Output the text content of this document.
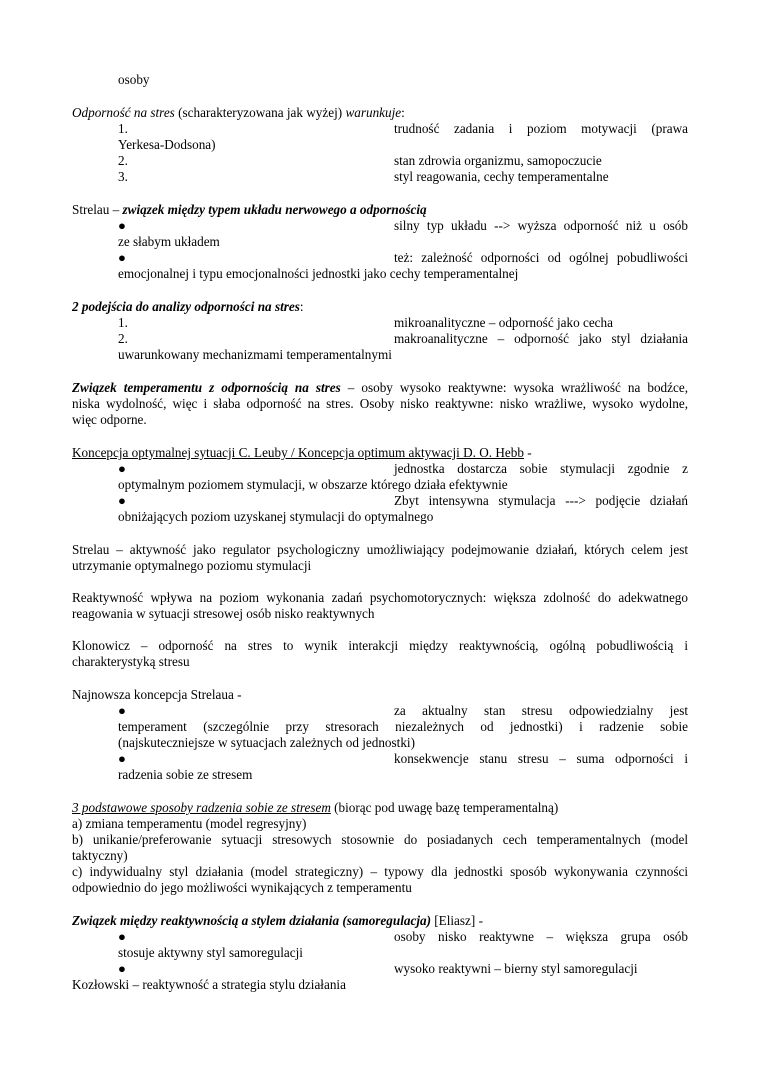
osoby
Odporność na stres (scharakteryzowana jak wyżej) warunkuje:
1.	trudność zadania i poziom motywacji (prawa
Yerkesa-Dodsona)
2.	stan zdrowia organizmu, samopoczucie
3.	styl reagowania, cechy temperamentalne
Strelau – związek między typem układu nerwowego a odpornością
●	silny typ układu --> wyższa odporność niż u osób
ze słabym układem
●	też: zależność odporności od ogólnej pobudliwości
emocjonalnej i typu emocjonalności jednostki jako cechy temperamentalnej
2 podejścia do analizy odporności na stres:
1.	mikroanalityczne – odporność jako cecha
2.	makroanalityczne – odporność jako styl działania
uwarunkowany mechanizmami temperamentalnymi
Związek temperamentu z odpornością na stres – osoby wysoko reaktywne: wysoka wrażliwość na bodźce,
niska wydolność, więc i słaba odporność na stres. Osoby nisko reaktywne: nisko wrażliwe, wysoko wydolne,
więc odporne.
Koncepcja optymalnej sytuacji C. Leuby / Koncepcja optimum aktywacji D. O. Hebb -
●	jednostka dostarcza sobie stymulacji zgodnie z
optymalnym poziomem stymulacji, w obszarze którego działa efektywnie
●	Zbyt intensywna stymulacja ---> podjęcie działań
obniżających poziom uzyskanej stymulacji do optymalnego
Strelau – aktywność jako regulator psychologiczny umożliwiający podejmowanie działań, których celem jest
utrzymanie optymalnego poziomu stymulacji
Reaktywność wpływa na poziom wykonania zadań psychomotorycznych: większa zdolność do adekwatnego
reagowania w sytuacji stresowej osób nisko reaktywnych
Klonowicz – odporność na stres to wynik interakcji między reaktywnością, ogólną pobudliwością i
charakterystyką stresu
Najnowsza koncepcja Strelaua -
●	za aktualny stan stresu odpowiedzialny jest
temperament (szczególnie przy stresorach niezależnych od jednostki) i radzenie sobie
(najskuteczniejsze w sytuacjach zależnych od jednostki)
●	konsekwencje stanu stresu – suma odporności i
radzenia sobie ze stresem
3 podstawowe sposoby radzenia sobie ze stresem (biorąc pod uwagę bazę temperamentalną)
a) zmiana temperamentu (model regresyjny)
b) unikanie/preferowanie sytuacji stresowych stosownie do posiadanych cech temperamentalnych (model
taktyczny)
c) indywidualny styl działania (model strategiczny) – typowy dla jednostki sposób wykonywania czynności
odpowiednio do jego możliwości wynikających z temperamentu
Związek między reaktywnością a stylem działania (samoregulacja) [Eliasz] -
●	osoby nisko reaktywne – większa grupa osób
stosuje aktywny styl samoregulacji
●	wysoko reaktywni – bierny styl samoregulacji
Kozłowski – reaktywność a strategia stylu działania
